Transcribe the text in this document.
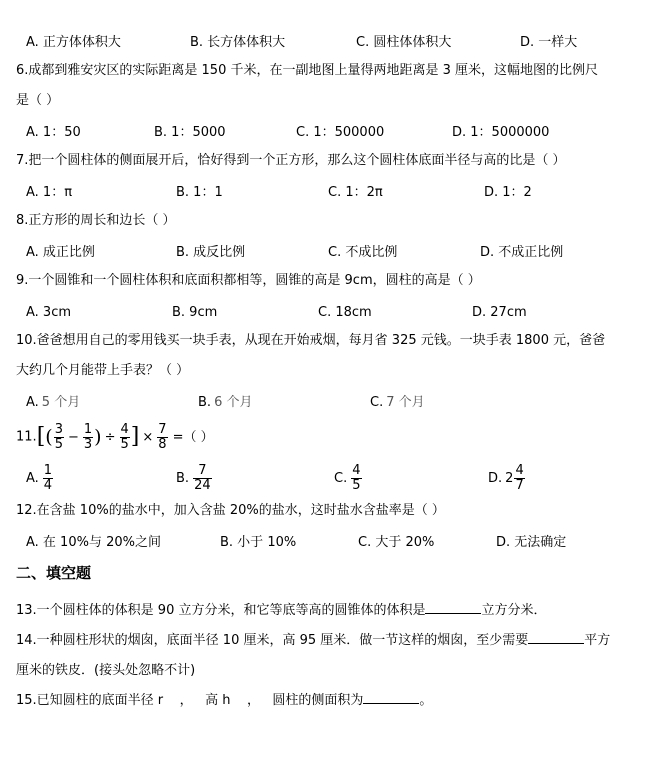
A. 正方体体积大	B. 长方体体积大	C. 圆柱体体积大	D. 一样大
6.成都到雅安灾区的实际距离是 150 千米，在一副地图上量得两地距离是 3 厘米，这幅地图的比例尺
是（ ）
A. 1：50	B. 1：5000	C. 1：500000	D. 1：5000000
7.把一个圆柱体的侧面展开后，恰好得到一个正方形，那么这个圆柱体底面半径与高的比是（ ）
A. 1：π	B. 1：1	C. 1：2π	D. 1：2
8.正方形的周长和边长（ ）
A. 成正比例	B. 成反比例	C. 不成比例	D. 不成正比例
9.一个圆锥和一个圆柱体积和底面积都相等，圆锥的高是 9cm，圆柱的高是（ ）
A. 3cm	B. 9cm	C. 18cm	D. 27cm
10.爸爸想用自己的零用钱买一块手表，从现在开始戒烟，每月省 325 元钱。一块手表 1800 元，爸爸
大约几个月能带上手表？（ ）
A. 5 个月	B. 6 个月	C. 7 个月
$11.[( \frac{3}{5} - \frac{1}{3}$ ) ÷ $\frac{4}{5}$ ] × $\frac{7}{8}$ =（ ）
A. $\frac{1}{4}$	B. $\frac{7}{24}$	C. $\frac{4}{5}$	D. $2 \frac{4}{7}$
12.在含盐 10%的盐水中，加入含盐 20%的盐水，这时盐水含盐率是（ ）
A. 在 10%与 20%之间	B. 小于 10%	C. 大于 20%	D. 无法确定
二、填空题
13.一个圆柱体的体积是 90 立方分米，和它等底等高的圆锥体的体积是	立方分米．
14.一种圆柱形状的烟囱，底面半径 10 厘米，高 95 厘米．做一节这样的烟囱，至少需要	平方
厘米的铁皮．(接头处忽略不计)
15.已知圆柱的底面半径 r    ，   高 h    ，   圆柱的侧面积为	。
